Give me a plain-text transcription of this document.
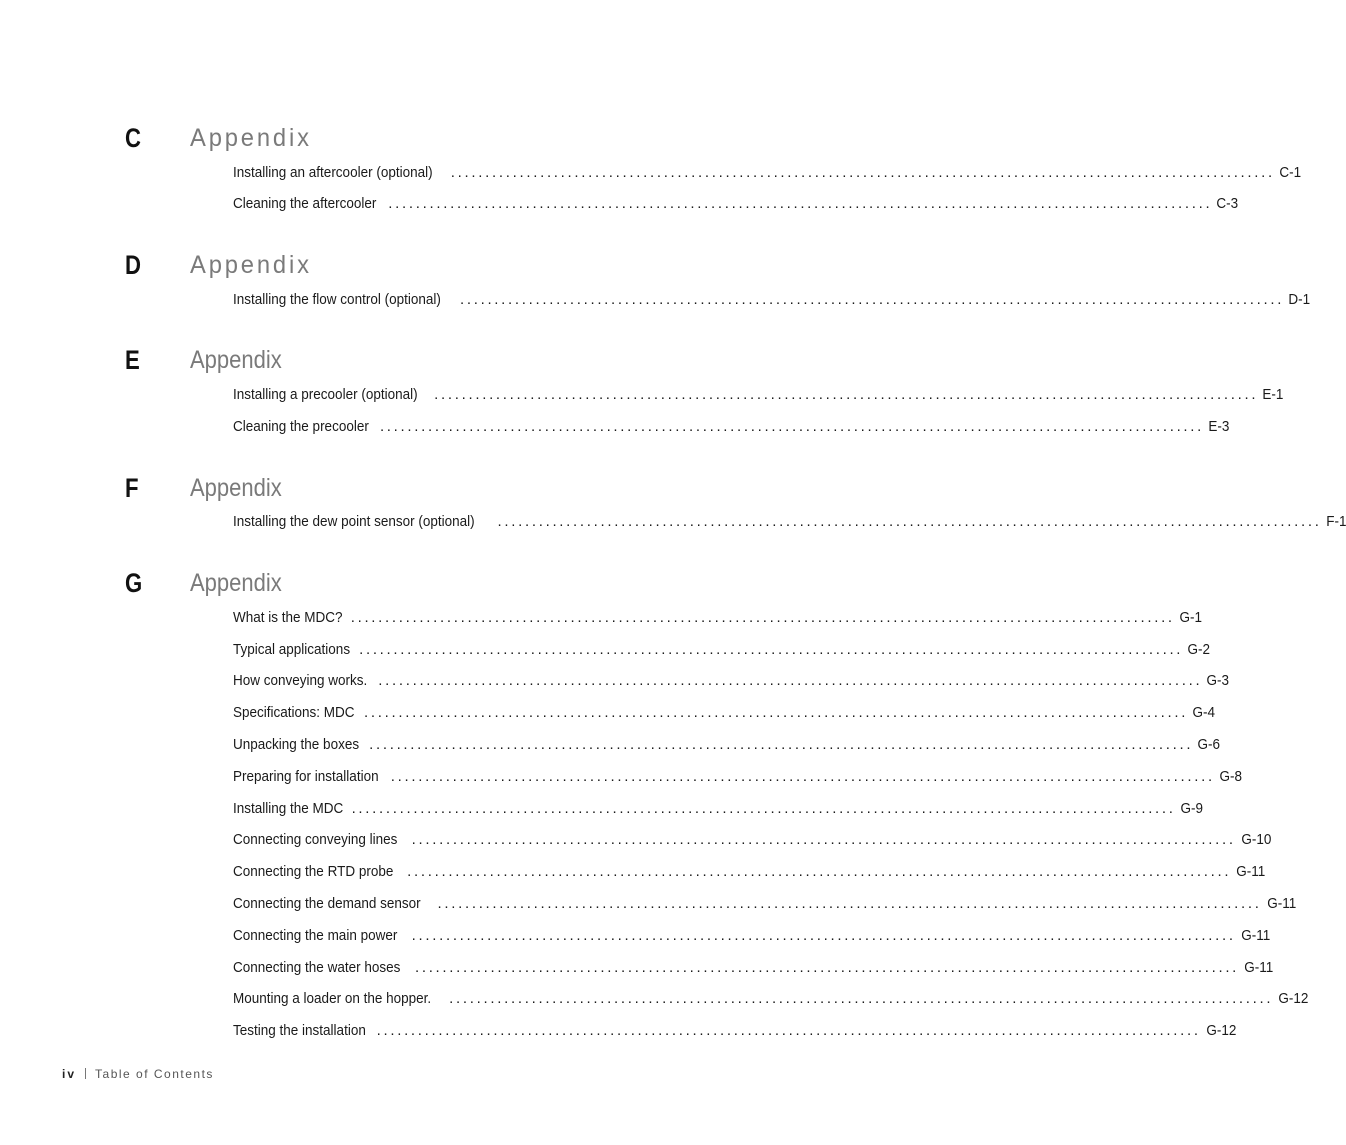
C Appendix
Installing an aftercooler (optional)	........................................................................................................................ C-1
Cleaning the aftercooler ........................................................................................................................ C-3
D Appendix
Installing the flow control (optional)	........................................................................................................................ D-1
E Appendix
Installing a precooler (optional)	........................................................................................................................ E-1
Cleaning the precooler ........................................................................................................................ E-3
F Appendix
Installing the dew point sensor (optional)	........................................................................................................................ F-1
G Appendix
What is the MDC? ........................................................................................................................ G-1
Typical applications ........................................................................................................................ G-2
How conveying works. ........................................................................................................................ G-3
Specifications: MDC ........................................................................................................................ G-4
Unpacking the boxes ........................................................................................................................ G-6
Preparing for installation ........................................................................................................................ G-8
Installing the MDC ........................................................................................................................ G-9
Connecting conveying lines ........................................................................................................................ G-10
Connecting the RTD probe ........................................................................................................................ G-11
Connecting the demand sensor	........................................................................................................................ G-11
Connecting the main power ........................................................................................................................ G-11
Connecting the water hoses ........................................................................................................................ G-11
Mounting a loader on the hopper.	........................................................................................................................ G-12
Testing the installation ........................................................................................................................ G-12
iv Table of Contents
